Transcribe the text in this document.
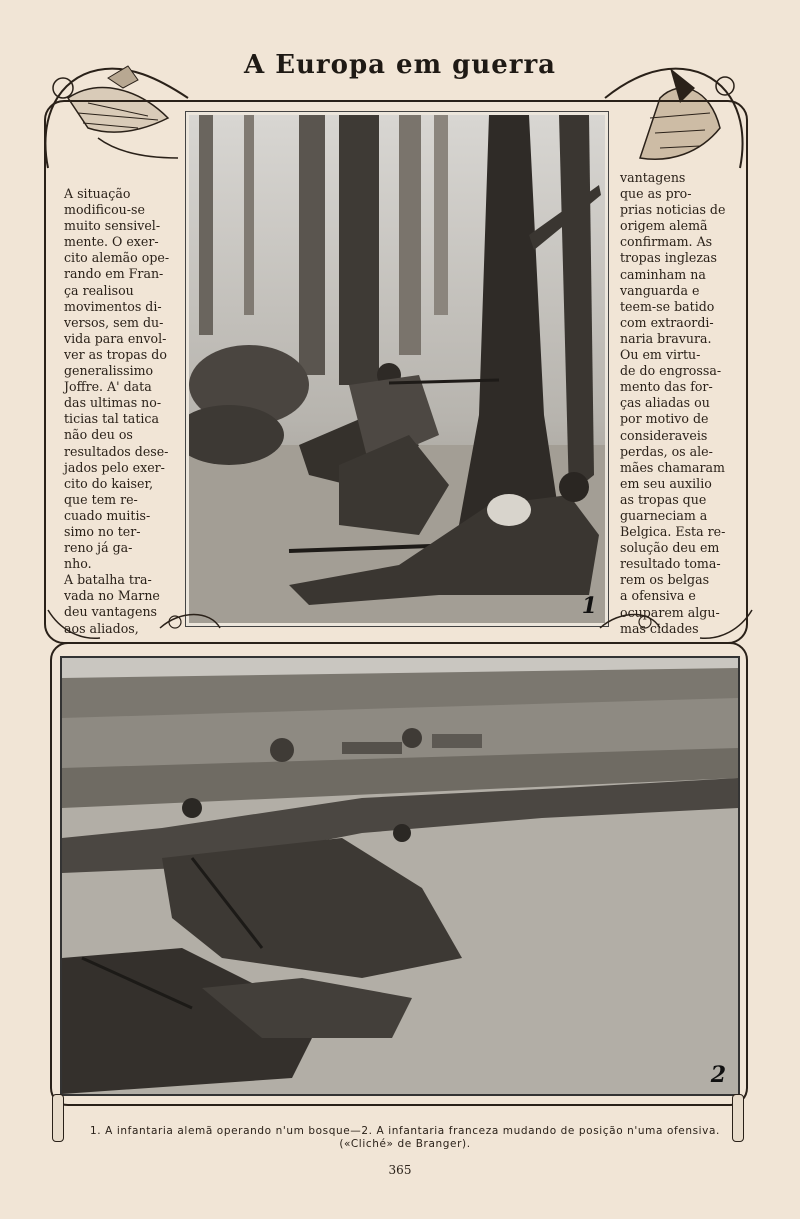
A Europa em guerra
A situação
modificou-se
muito sensivel-
mente. O exer-
cito alemão ope-
rando em Fran-
ça realisou
movimentos di-
versos, sem du-
vida para envol-
ver as tropas do
generalissimo
Joffre. A' data
das ultimas no-
ticias tal tatica
não deu os
resultados dese-
jados pelo exer-
cito do kaiser,
que tem re-
cuado muitis-
simo no ter-
reno já ga-
nho.
A batalha tra-
vada no Marne
deu vantagens
aos aliados,
vantagens
que as pro-
prias noticias de
origem alemã
confirmam. As
tropas inglezas
caminham na
vanguarda e
teem-se batido
com extraordi-
naria bravura.
Ou em virtu-
de do engrossa-
mento das for-
ças aliadas ou
por motivo de
consideraveis
perdas, os ale-
mães chamaram
em seu auxilio
as tropas que
guarneciam a
Belgica. Esta re-
solução deu em
resultado toma-
rem os belgas
a ofensiva e
ocuparem algu-
mas cidades
1
2
1. A infantaria alemã operando n'um bosque—2. A infantaria franceza mudando de posição n'uma ofensiva.
(«Cliché» de Branger).
365
